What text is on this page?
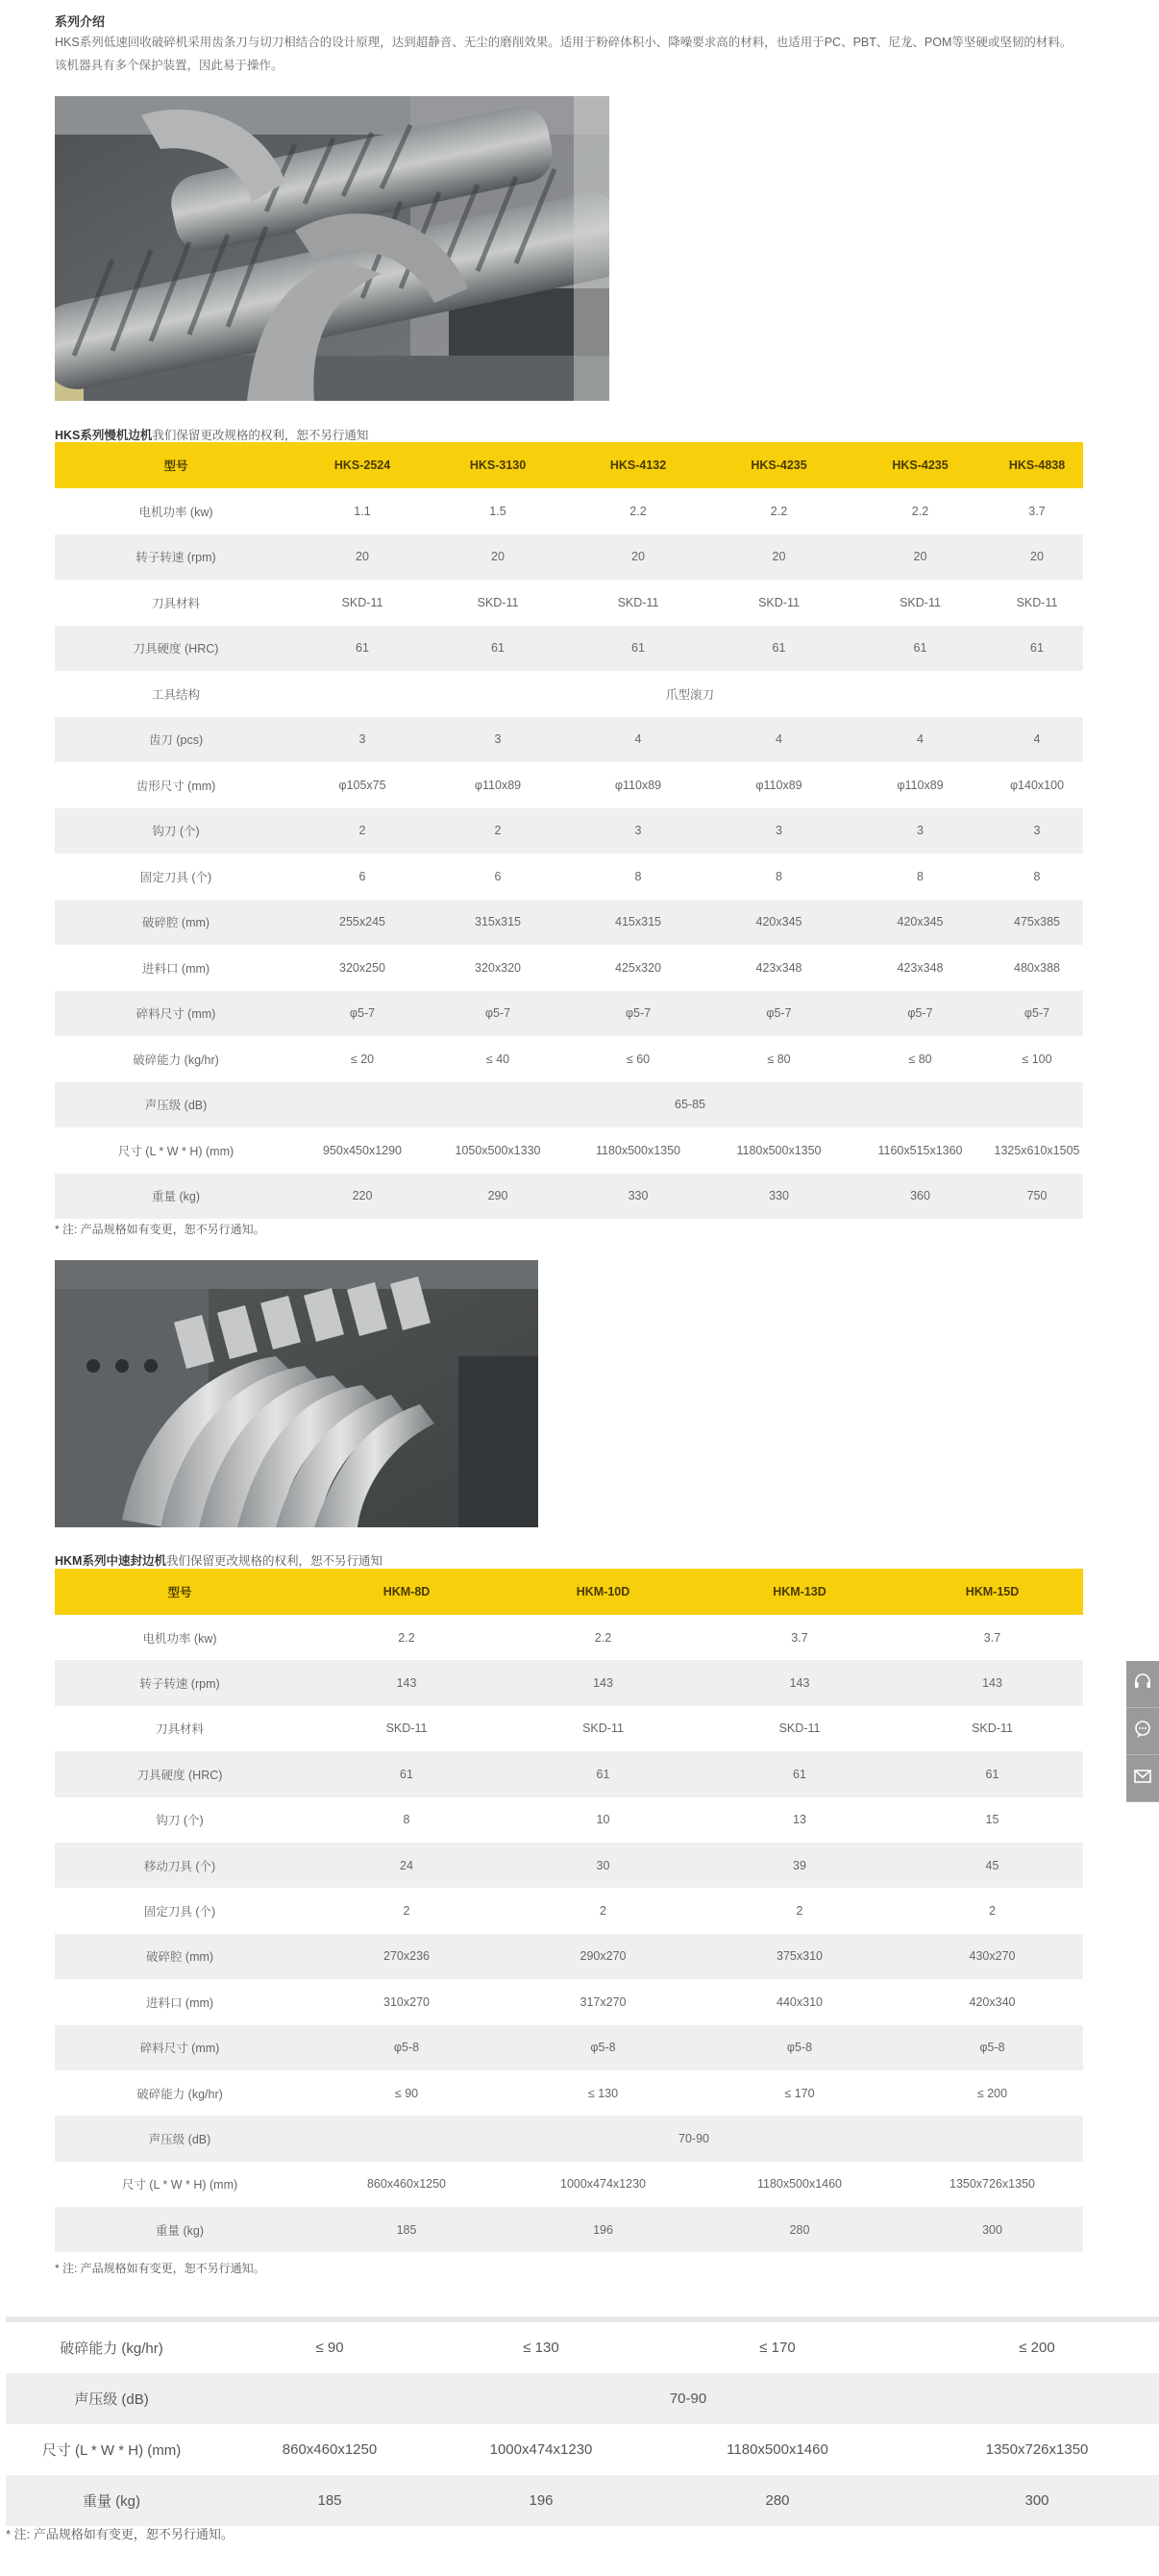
系列介绍
HKS系列低速回收破碎机采用齿条刀与切刀相结合的设计原理，达到超静音、无尘的磨削效果。适用于粉碎体积小、降噪要求高的材料，也适用于PC、PBT、尼龙、POM等坚硬或坚韧的材料。该机器具有多个保护装置，因此易于操作。
HKS系列慢机边机我们保留更改规格的权利，恕不另行通知
型号	HKS-2524	HKS-3130	HKS-4132	HKS-4235	HKS-4235	HKS-4838
电机功率 (kw)	1.1	1.5	2.2	2.2	2.2	3.7
转子转速 (rpm)	20	20	20	20	20	20
刀具材料	SKD-11	SKD-11	SKD-11	SKD-11	SKD-11	SKD-11
刀具硬度 (HRC)	61	61	61	61	61	61
工具结构	爪型滚刀					
齿刀 (pcs)	3	3	4	4	4	4
齿形尺寸 (mm)	φ105x75	φ110x89	φ110x89	φ110x89	φ110x89	φ140x100
钩刀 (个)	2	2	3	3	3	3
固定刀具 (个)	6	6	8	8	8	8
破碎腔 (mm)	255x245	315x315	415x315	420x345	420x345	475x385
进料口 (mm)	320x250	320x320	425x320	423x348	423x348	480x388
碎料尺寸 (mm)	φ5-7	φ5-7	φ5-7	φ5-7	φ5-7	φ5-7
破碎能力 (kg/hr)	≤ 20	≤ 40	≤ 60	≤ 80	≤ 80	≤ 100
声压级 (dB)	65-85					
尺寸 (L * W * H) (mm)	950x450x1290	1050x500x1330	1180x500x1350	1180x500x1350	1160x515x1360	1325x610x1505
重量 (kg)	220	290	330	330	360	750
* 注: 产品规格如有变更，恕不另行通知。
HKM系列中速封边机我们保留更改规格的权利，恕不另行通知
型号	HKM-8D	HKM-10D	HKM-13D	HKM-15D
电机功率 (kw)	2.2	2.2	3.7	3.7
转子转速 (rpm)	143	143	143	143
刀具材料	SKD-11	SKD-11	SKD-11	SKD-11
刀具硬度 (HRC)	61	61	61	61
钩刀 (个)	8	10	13	15
移动刀具 (个)	24	30	39	45
固定刀具 (个)	2	2	2	2
破碎腔 (mm)	270x236	290x270	375x310	430x270
进料口 (mm)	310x270	317x270	440x310	420x340
碎料尺寸 (mm)	φ5-8	φ5-8	φ5-8	φ5-8
破碎能力 (kg/hr)	≤ 90	≤ 130	≤ 170	≤ 200
声压级 (dB)	70-90			
尺寸 (L * W * H) (mm)	860x460x1250	1000x474x1230	1180x500x1460	1350x726x1350
重量 (kg)	185	196	280	300
* 注: 产品规格如有变更，恕不另行通知。
破碎能力 (kg/hr)	≤ 90	≤ 130	≤ 170	≤ 200
声压级 (dB)	70-90			
尺寸 (L * W * H) (mm)	860x460x1250	1000x474x1230	1180x500x1460	1350x726x1350
重量 (kg)	185	196	280	300
* 注: 产品规格如有变更，恕不另行通知。
